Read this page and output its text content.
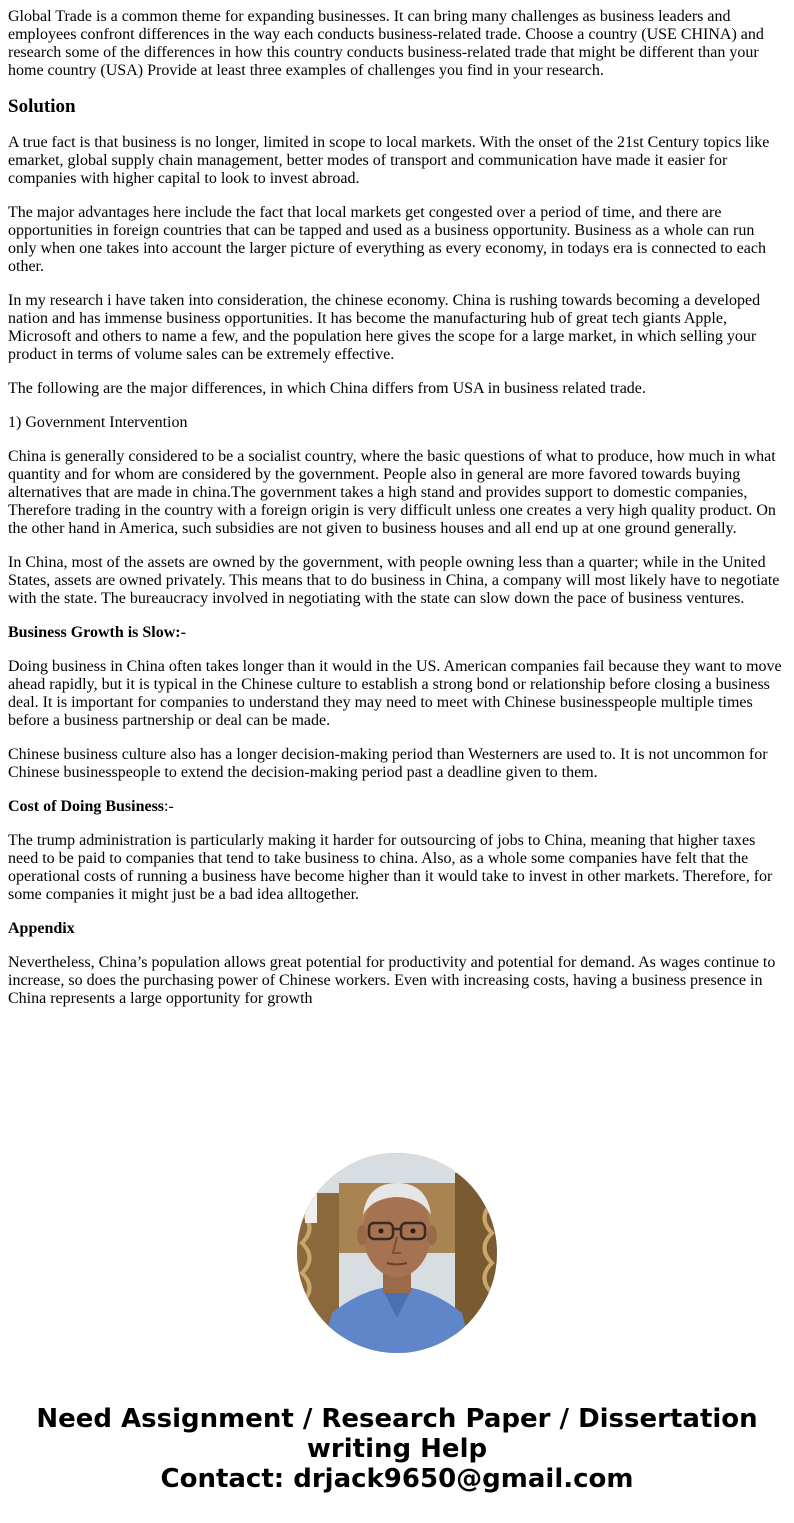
Global Trade is a common theme for expanding businesses. It can bring many challenges as business leaders and employees confront differences in the way each conducts business-related trade. Choose a country (USE CHINA) and research some of the differences in how this country conducts business-related trade that might be different than your home country (USA) Provide at least three examples of challenges you find in your research.

Solution

A true fact is that business is no longer, limited in scope to local markets. With the onset of the 21st Century topics like emarket, global supply chain management, better modes of transport and communication have made it easier for companies with higher capital to look to invest abroad.

The major advantages here include the fact that local markets get congested over a period of time, and there are opportunities in foreign countries that can be tapped and used as a business opportunity. Business as a whole can run only when one takes into account the larger picture of everything as every economy, in todays era is connected to each other.

In my research i have taken into consideration, the chinese economy. China is rushing towards becoming a developed nation and has immense business opportunities. It has become the manufacturing hub of great tech giants Apple, Microsoft and others to name a few, and the population here gives the scope for a large market, in which selling your product in terms of volume sales can be extremely effective.

The following are the major differences, in which China differs from USA in business related trade.

1) Government Intervention

China is generally considered to be a socialist country, where the basic questions of what to produce, how much in what quantity and for whom are considered by the government. People also in general are more favored towards buying alternatives that are made in china.The government takes a high stand and provides support to domestic companies, Therefore trading in the country with a foreign origin is very difficult unless one creates a very high quality product. On the other hand in America, such subsidies are not given to business houses and all end up at one ground generally.

In China, most of the assets are owned by the government, with people owning less than a quarter; while in the United States, assets are owned privately. This means that to do business in China, a company will most likely have to negotiate with the state. The bureaucracy involved in negotiating with the state can slow down the pace of business ventures.

Business Growth is Slow:-

Doing business in China often takes longer than it would in the US. American companies fail because they want to move ahead rapidly, but it is typical in the Chinese culture to establish a strong bond or relationship before closing a business deal. It is important for companies to understand they may need to meet with Chinese businesspeople multiple times before a business partnership or deal can be made.

Chinese business culture also has a longer decision-making period than Westerners are used to. It is not uncommon for Chinese businesspeople to extend the decision-making period past a deadline given to them.

Cost of Doing Business:-

The trump administration is particularly making it harder for outsourcing of jobs to China, meaning that higher taxes need to be paid to companies that tend to take business to china. Also, as a whole some companies have felt that the operational costs of running a business have become higher than it would take to invest in other markets. Therefore, for some companies it might just be a bad idea alltogether.

Appendix

Nevertheless, China’s population allows great potential for productivity and potential for demand. As wages continue to increase, so does the purchasing power of Chinese workers. Even with increasing costs, having a business presence in China represents a large opportunity for growth

Need Assignment / Research Paper / Dissertation
writing Help
Contact: drjack9650@gmail.com
